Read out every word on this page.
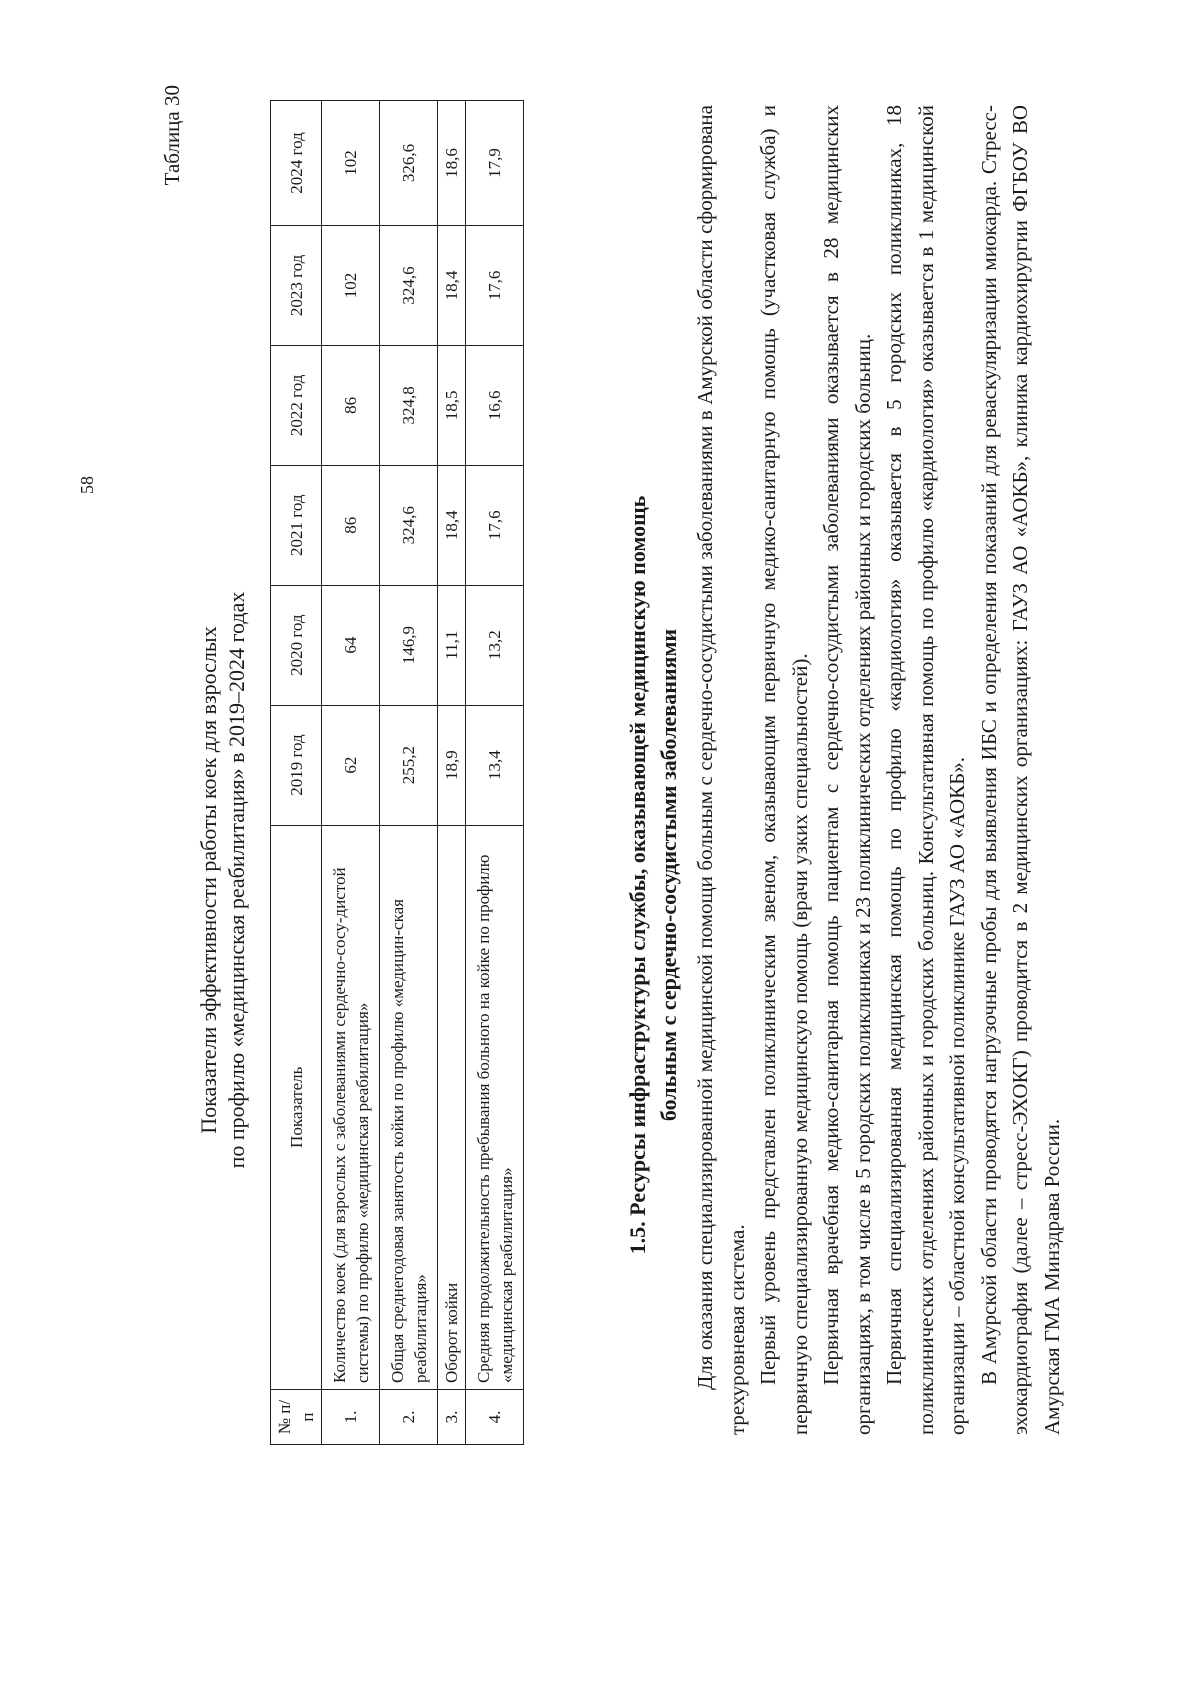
58
Таблица 30
Показатели эффективности работы коек для взрослых по профилю «медицинская реабилитация» в 2019–2024 годах
№ п/п	Показатель	2019 год	2020 год	2021 год	2022 год	2023 год	2024 год
1.	Количество коек (для взрослых с заболеваниями сердечно-сосу-дистой системы) по профилю «медицинская реабилитация»	62	64	86	86	102	102
2.	Общая среднегодовая занятость койки по профилю «медицин-ская реабилитация»	255,2	146,9	324,6	324,8	324,6	326,6
3.	Оборот койки	18,9	11,1	18,4	18,5	18,4	18,6
4.	Средняя продолжительность пребывания больного на койке по профилю «медицинская реабилитация»	13,4	13,2	17,6	16,6	17,6	17,9
1.5. Ресурсы инфраструктуры службы, оказывающей медицинскую помощь больным с сердечно-сосудистыми заболеваниями Для оказания специализированной медицинской помощи больным с сердечно-сосудистыми заболеваниями в Амурской области сформирована трехуровневая система. Первый уровень представлен поликлиническим звеном, оказывающим первичную медико-санитарную помощь (участковая служба) и первичную специализированную медицинскую помощь (врачи узких специальностей). Первичная врачебная медико-санитарная помощь пациентам с сердечно-сосудистыми заболеваниями оказывается в 28 медицинских организациях, в том числе в 5 городских поликлиниках и 23 поликлинических отделениях районных и городских больниц. Первичная специализированная медицинская помощь по профилю «кардиология» оказывается в 5 городских поликлиниках, 18 поликлинических отделениях районных и городских больниц. Консультативная помощь по профилю «кардиология» оказывается в 1 медицинской организации – областной консультативной поликлинике ГАУЗ АО «АОКБ». В Амурской области проводятся нагрузочные пробы для выявления ИБС и определения показаний для реваскуляризации миокарда. Стресс-эхокардиография (далее – стресс-ЭХОКГ) проводится в 2 медицинских организациях: ГАУЗ АО «АОКБ», клиника кардиохирургии ФГБОУ ВО Амурская ГМА Минздрава России.
